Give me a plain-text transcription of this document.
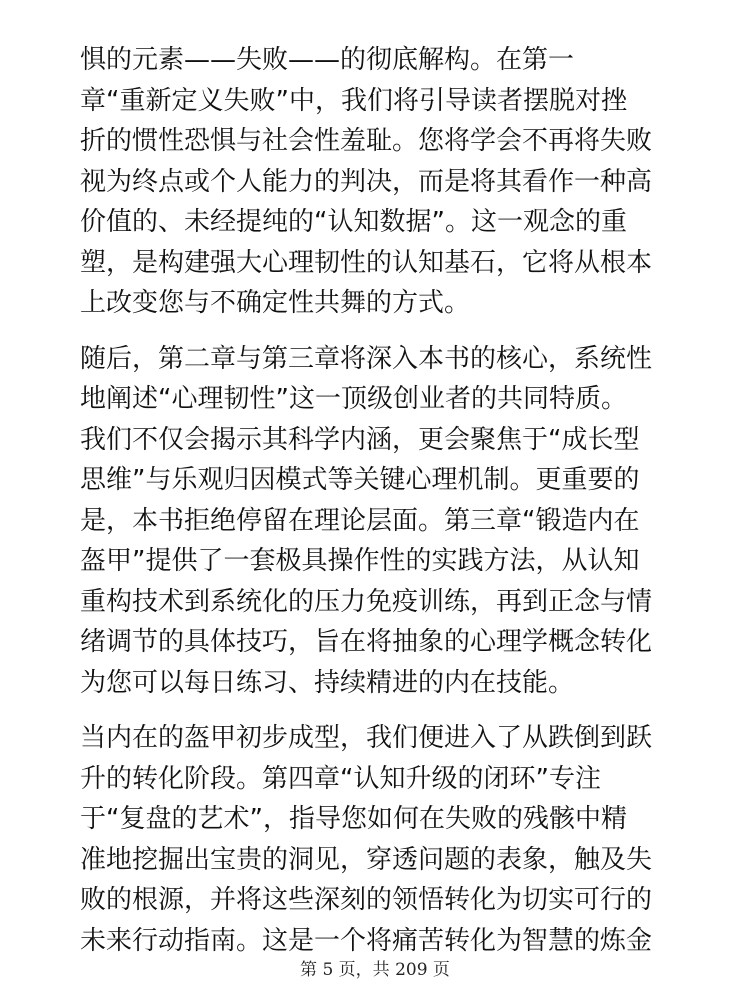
惧的元素——失败——的彻底解构。在第一
章“重新定义失败”中，我们将引导读者摆脱对挫
折的惯性恐惧与社会性羞耻。您将学会不再将失败
视为终点或个人能力的判决，而是将其看作一种高
价值的、未经提纯的“认知数据”。这一观念的重
塑，是构建强大心理韧性的认知基石，它将从根本
上改变您与不确定性共舞的方式。

随后，第二章与第三章将深入本书的核心，系统性
地阐述“心理韧性”这一顶级创业者的共同特质。
我们不仅会揭示其科学内涵，更会聚焦于“成长型
思维”与乐观归因模式等关键心理机制。更重要的
是，本书拒绝停留在理论层面。第三章“锻造内在
盔甲”提供了一套极具操作性的实践方法，从认知
重构技术到系统化的压力免疫训练，再到正念与情
绪调节的具体技巧，旨在将抽象的心理学概念转化
为您可以每日练习、持续精进的内在技能。

当内在的盔甲初步成型，我们便进入了从跌倒到跃
升的转化阶段。第四章“认知升级的闭环”专注
于“复盘的艺术”，指导您如何在失败的残骸中精
准地挖掘出宝贵的洞见，穿透问题的表象，触及失
败的根源，并将这些深刻的领悟转化为切实可行的
未来行动指南。这是一个将痛苦转化为智慧的炼金

第 5 页，共 209 页
